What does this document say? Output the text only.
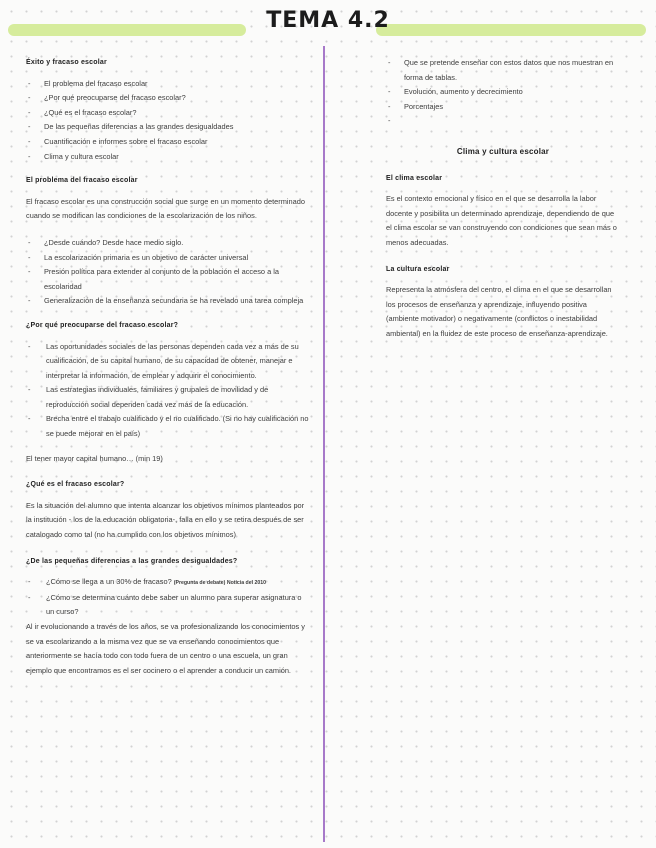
TEMA 4.2
Éxito y fracaso escolar
- El problema del fracaso escolar
- ¿Por qué preocuparse del fracaso escolar?
- ¿Qué es el fracaso escolar?
- De las pequeñas diferencias a las grandes desigualdades
- Cuantificación e informes sobre el fracaso escolar
- Clima y cultura escolar
El problema del fracaso escolar

El fracaso escolar es una construcción social que surge en un momento determinado cuando se modifican las condiciones de la escolarización de los niños.

- ¿Desde cuándo? Desde hace medio siglo.
- La escolarización primaria es un objetivo de carácter universal
- Presión política para extender al conjunto de la población el acceso a la escolaridad
- Generalización de la enseñanza secundaria se ha revelado una tarea compleja
¿Por qué preocuparse del fracaso escolar?
- Las oportunidades sociales de las personas dependen cada vez a más de su cualificación, de su capital humano, de su capacidad de obtener, manejar e interpretar la información, de emplear y adquirir el conocimiento.
- Las estrategias individuales, familiares y grupales de movilidad y de reproducción social dependen cada vez más de la educación.
- Brecha entre el trabajo cualificado y el no cualificado. (Si no hay cualificación no se puede mejorar en el país)

El tener mayor capital humano… (min 19)

¿Qué es el fracaso escolar?

Es la situación del alumno que intenta alcanzar los objetivos mínimos planteados por la institución - los de la educación obligatoria-, falla en ello y se retira después de ser catalogado como tal (no ha cumplido con los objetivos mínimos)

¿De las pequeñas diferencias a las grandes desigualdades?
- ¿Cómo se llega a un 30% de fracaso? (Pregunta de debate) Noticia del 2010
- ¿Cómo se determina cuánto debe saber un alumno para superar asignatura o un curso?

Al ir evolucionando a través de los años, se va profesionalizando los conocimientos y se va escolarizando a la misma vez que se va enseñando conocimientos que anteriormente se hacía todo con todo fuera de un centro o una escuela, un gran ejemplo que encontramos es el ser cocinero o el aprender a conducir un camión.

- Que se pretende enseñar con estos datos que nos muestran en forma de tablas.
- Evolución, aumento y decrecimiento
- Porcentajes
-
Clima y cultura escolar
El clima escolar

Es el contexto emocional y físico en el que se desarrolla la labor docente y posibilita un determinado aprendizaje, dependiendo de que el clima escolar se van construyendo con condiciones que sean más o menos adecuadas.

La cultura escolar

Representa la atmósfera del centro, el clima en el que se desarrollan los procesos de enseñanza y aprendizaje, influyendo positiva (ambiente motivador) o negativamente (conflictos o inestabilidad ambiental) en la fluidez de este proceso de enseñanza-aprendizaje.
